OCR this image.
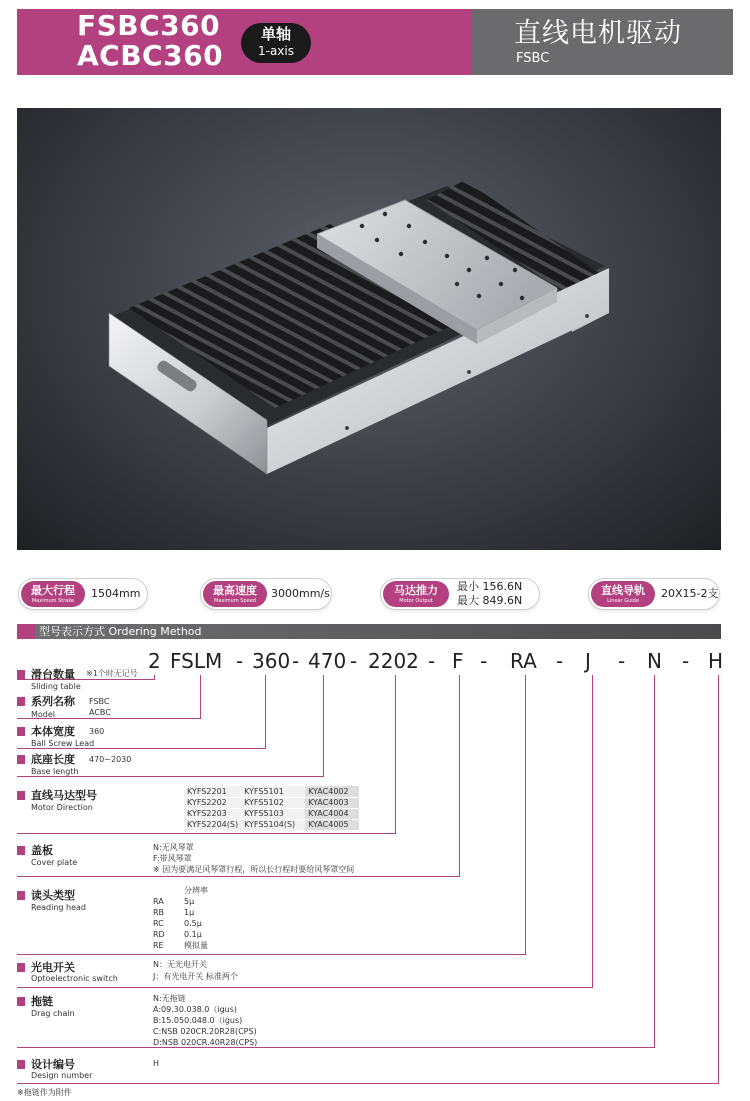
FSBC360
ACBC360
单轴
1-axis
直线电机驱动
FSBC
最大行程
Maximum Strake
1504mm	最高速度
Maximum Speed
3000mm/s	马达推力
Motor Output
最小 156.6N
最大 849.6N
直线导轨
Linear Guide
20X15-2支
型号表示方式 Ordering Method
2 FSLM - 360 - 470 - 2202 - F - RA - J - N - H
※1个时无记号
滑台数量
Sliding table
系列名称
Model
FSBC
ACBC
本体宽度
Ball Screw Lead
360
底座长度
Base length
470~2030
直线马达型号
Motor Direction
KYFS2201	KYFS5101	KYAC4002
KYFS2202	KYFS5102	KYAC4003
KYFS2203	KYFS5103	KYAC4004
KYFS2204(S)	KYFS5104(S)	KYAC4005
盖板
Cover plate
N:无风琴罩
F:带风琴罩
※ 因为要满足风琴罩行程，所以长行程时要给风琴罩空间
读头类型
Reading head
分辨率
RA	5μ
RB 1μ
RC	0.5μ
RD 0.1μ
RE	模拟量
光电开关
Optoelectronic switch
N：无光电开关
J：有光电开关 标准两个
拖链
Drag chain
N:无拖链
A:09.30.038.0（igus)
B:15.050.048.0（igus)
C:NSB 020CR.20R28(CPS)
D:NSB 020CR.40R28(CPS)
设计编号
Design number
H
※拖链作为附件
